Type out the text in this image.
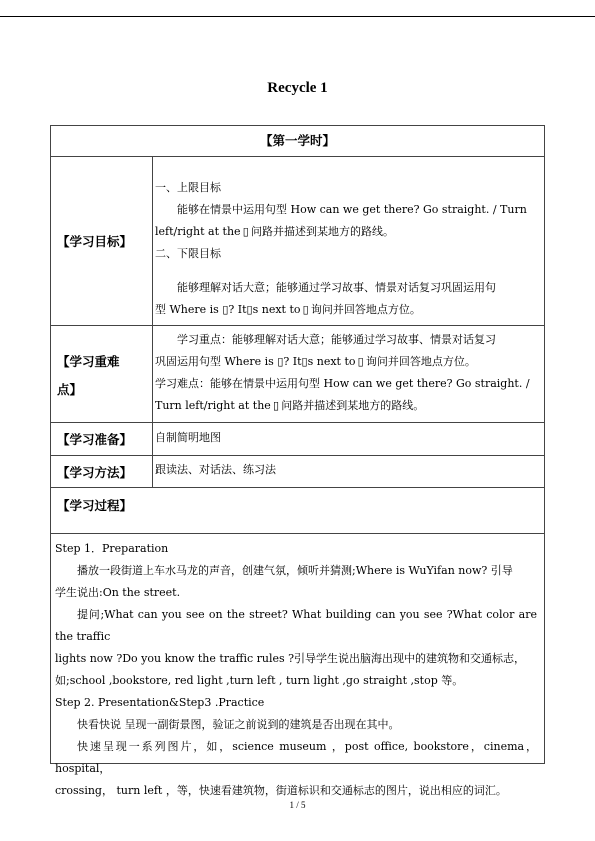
Recycle 1
【第一学时】
【学习目标】

一、上限目标

能够在情景中运用句型 How can we get there? Go straight. / Turn

left/right at the ▯ 问路并描述到某地方的路线。

二、下限目标

能够理解对话大意；能够通过学习故事、情景对话复习巩固运用句

型 Where is ▯? It▯s next to ▯ 询问并回答地点方位。

【学习重难
点】

学习重点：能够理解对话大意；能够通过学习故事、情景对话复习

巩固运用句型 Where is ▯? It▯s next to ▯ 询问并回答地点方位。

学习难点：能够在情景中运用句型 How can we get there? Go straight. /

Turn left/right at the ▯ 问路并描述到某地方的路线。

【学习准备】	自制简明地图
【学习方法】	跟读法、对话法、练习法
【学习过程】

Step 1．Preparation

播放一段街道上车水马龙的声音，创建气氛，倾听并猜测;Where is WuYifan now? 引导

学生说出:On the street.

提问;What can you see on the street? What building can you see ?What color are the traffic

lights now ?Do you know the traffic rules ?引导学生说出脑海出现中的建筑物和交通标志，

如;school ,bookstore, red light ,turn left , turn light ,go straight ,stop 等。

Step 2. Presentation&Step3 .Practice

快看快说 呈现一副街景图，验证之前说到的建筑是否出现在其中。

快速呈现一系列图片，如，science museum ，post office, bookstore，cinema，hospital，

crossing， turn left ，等，快速看建筑物，街道标识和交通标志的图片，说出相应的词汇。

1 / 5
